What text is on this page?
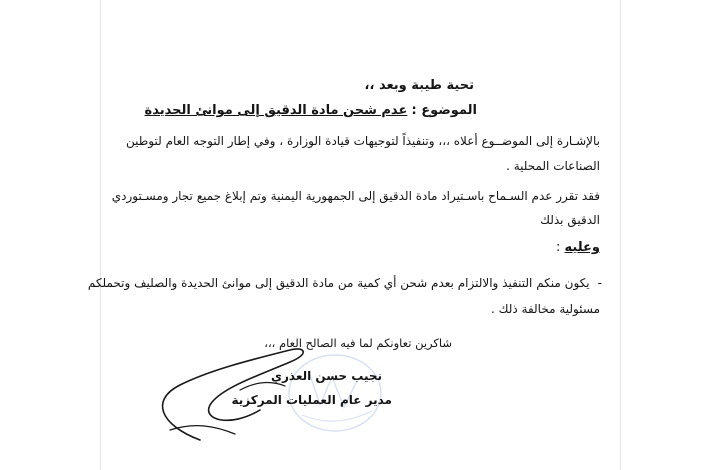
تحية طيبة وبعد ،،
الموضوع : عدم شحن مادة الدقيق إلى موانئ الحديدة
بالإشـارة إلى الموضــوع أعلاه ،،، وتنفيذاً لتوجيهات قيادة الوزارة ، وفي إطار التوجه العام لتوطين
الصناعات المحلية .
فقد تقرر عدم السـماح باسـتيراد مادة الدقيق إلى الجمهورية اليمنية وتم إبلاغ جميع تجار ومسـتوردي
الدقيق بذلك
وعليه :
-يكون منكم التنفيذ والالتزام بعدم شحن أي كمية من مادة الدقيق إلى موانئ الحديدة والصليف وتحملكم
مسئولية مخالفة ذلك .
شاكرين تعاونكم لما فيه الصالح العام ،،،
نجيب حسن العذري
مدير عام العمليات المركزية
